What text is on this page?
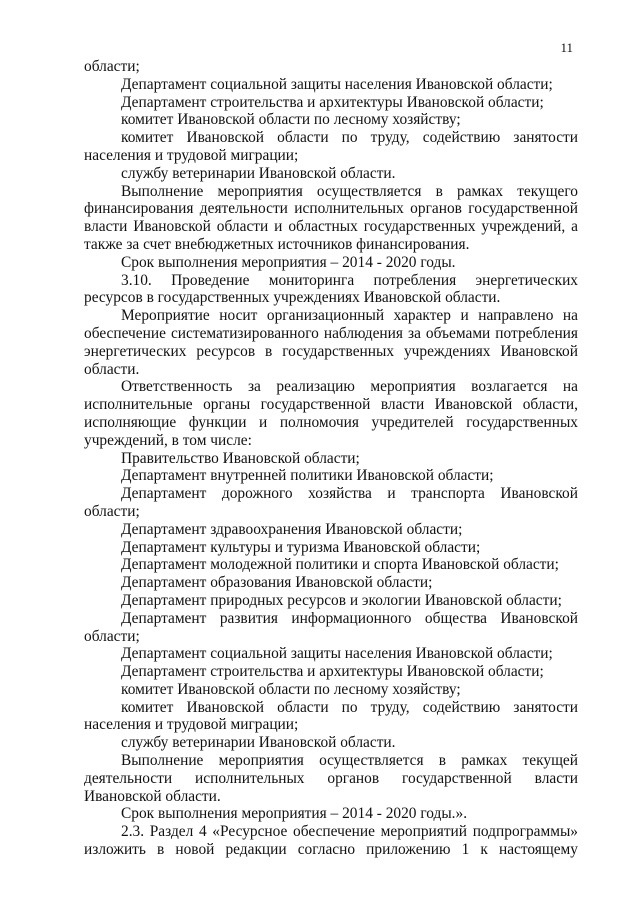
11

области;

Департамент социальной защиты населения Ивановской области;

Департамент строительства и архитектуры Ивановской области;

комитет Ивановской области по лесному хозяйству;

комитет Ивановской области по труду, содействию занятости населения и трудовой миграции;

службу ветеринарии Ивановской области.

Выполнение мероприятия осуществляется в рамках текущего финансирования деятельности исполнительных органов государственной власти Ивановской области и областных государственных учреждений, а также за счет внебюджетных источников финансирования.

Срок выполнения мероприятия – 2014 - 2020 годы.

3.10. Проведение мониторинга потребления энергетических ресурсов в государственных учреждениях Ивановской области.

Мероприятие носит организационный характер и направлено на обеспечение систематизированного наблюдения за объемами потребления энергетических ресурсов в государственных учреждениях Ивановской области.

Ответственность за реализацию мероприятия возлагается на исполнительные органы государственной власти Ивановской области, исполняющие функции и полномочия учредителей государственных учреждений, в том числе:

Правительство Ивановской области;

Департамент внутренней политики Ивановской области;

Департамент дорожного хозяйства и транспорта Ивановской области;

Департамент здравоохранения Ивановской области;

Департамент культуры и туризма Ивановской области;

Департамент молодежной политики и спорта Ивановской области;

Департамент образования Ивановской области;

Департамент природных ресурсов и экологии Ивановской области;

Департамент развития информационного общества Ивановской области;

Департамент социальной защиты населения Ивановской области;

Департамент строительства и архитектуры Ивановской области;

комитет Ивановской области по лесному хозяйству;

комитет Ивановской области по труду, содействию занятости населения и трудовой миграции;

службу ветеринарии Ивановской области.

Выполнение мероприятия осуществляется в рамках текущей деятельности исполнительных органов государственной власти Ивановской области.

Срок выполнения мероприятия – 2014 - 2020 годы.».

2.3. Раздел 4 «Ресурсное обеспечение мероприятий подпрограммы» изложить в новой редакции согласно приложению 1 к настоящему
